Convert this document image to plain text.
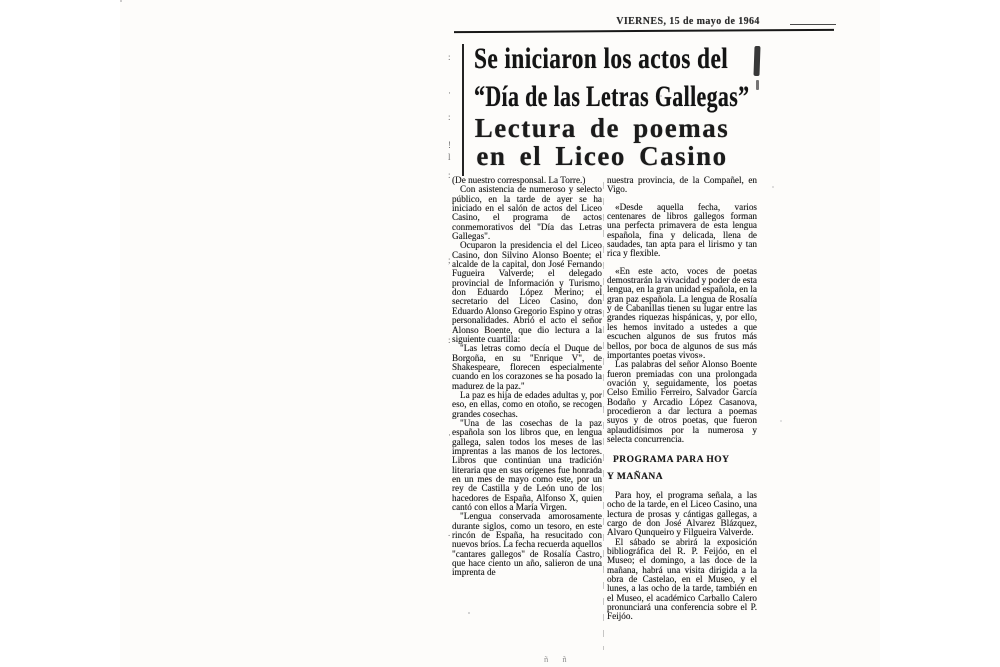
VIERNES, 15 de mayo de 1964
Se iniciaron los actos del
“Día de las Letras Gallegas”
Lectura de poemas
en el Liceo Casino

(De nuestro corresponsal. La Torre.)

Con asistencia de numeroso y selecto público, en la tarde de ayer se ha iniciado en el salón de actos del Liceo Casino, el programa de actos conmemorativos del "Día das Letras Gallegas".

Ocuparon la presidencia el del Liceo Casino, don Silvino Alonso Boente; el alcalde de la capital, don José Fernando Fugueira Valverde; el delegado provincial de Información y Turismo, don Eduardo López Merino; el secretario del Liceo Casino, don Eduardo Alonso Gregorio Espino y otras personalidades. Abrió el acto el señor Alonso Boente, que dio lectura a la siguiente cuartilla:

"Las letras como decía el Duque de Borgoña, en su "Enrique V", de Shakespeare, florecen especialmente cuando en los corazones se ha posado la madurez de la paz."

La paz es hija de edades adultas y, por eso, en ellas, como en otoño, se recogen grandes cosechas.

"Una de las cosechas de la paz española son los libros que, en lengua gallega, salen todos los meses de las imprentas a las manos de los lectores. Libros que continúan una tradición literaria que en sus orígenes fue honrada en un mes de mayo como este, por un rey de Castilla y de León uno de los hacedores de España, Alfonso X, quien cantó con ellos a María Virgen.

"Lengua conservada amorosamente durante siglos, como un tesoro, en este rincón de España, ha resucitado con nuevos bríos. La fecha recuerda aquellos "cantares gallegos" de Rosalía Castro, que hace ciento un año, salieron de una imprenta de

nuestra provincia, de la Compañel, en Vigo.

«Desde aquella fecha, varios centenares de libros gallegos forman una perfecta primavera de esta lengua española, fina y delicada, llena de saudades, tan apta para el lirismo y tan rica y flexible.

«En este acto, voces de poetas demostrarán la vivacidad y poder de esta lengua, en la gran unidad española, en la gran paz española. La lengua de Rosalía y de Cabanillas tienen su lugar entre las grandes riquezas hispánicas, y, por ello, les hemos invitado a ustedes a que escuchen algunos de sus frutos más bellos, por boca de algunos de sus más importantes poetas vivos».

Las palabras del señor Alonso Boente fueron premiadas con una prolongada ovación y, seguidamente, los poetas Celso Emilio Ferreiro, Salvador García Bodaño y Arcadio López Casanova, procedieron a dar lectura a poemas suyos y de otros poetas, que fueron aplaudidísimos por la numerosa y selecta concurrencia.

PROGRAMA PARA HOY
Y MAÑANA

Para hoy, el programa señala, a las ocho de la tarde, en el Liceo Casino, una lectura de prosas y cántigas gallegas, a cargo de don José Alvarez Blázquez, Alvaro Qunqueiro y Filgueira Valverde.

El sábado se abrirá la exposición bibliográfica del R. P. Feijóo, en el Museo; el domingo, a las doce de la mañana, habrá una visita dirigida a la obra de Castelao, en el Museo, y el lunes, a las ocho de la tarde, también en el Museo, el académico Carballo Calero pronunciará una conferencia sobre el P. Feijóo.

:

·

:

!

l

:

;

:

·

.

ñ ñ
